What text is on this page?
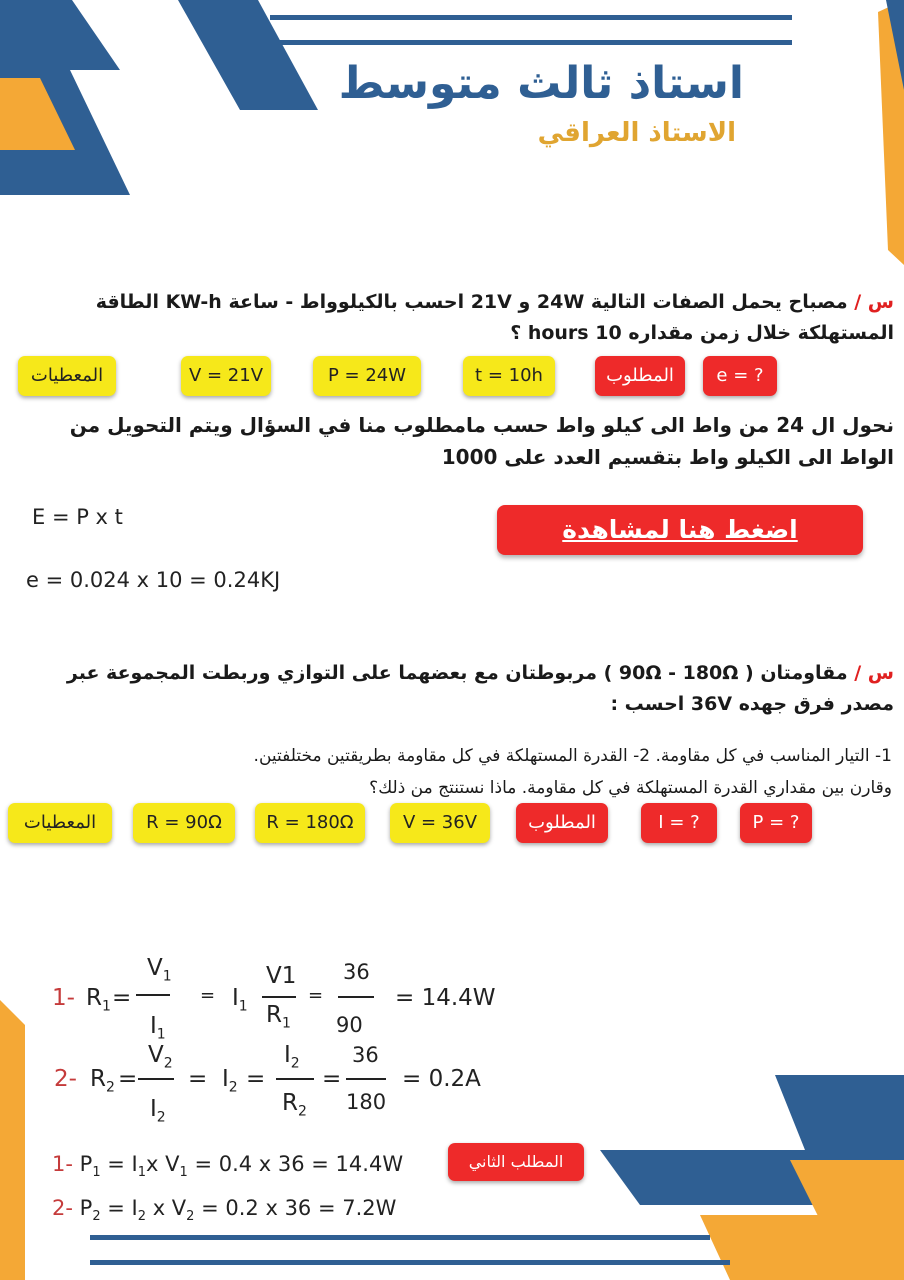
استاذ ثالث متوسط
الاستاذ العراقي
س / مصباح يحمل الصفات التالية 24W و 21V احسب بالكيلوواط - ساعة KW-h الطاقة
المستهلكة خلال زمن مقداره 10 hours ؟
المعطيات	V = 21V	P = 24W	t = 10h	المطلوب	e = ?
نحول ال 24 من واط الى كيلو واط حسب مامطلوب منا في السؤال ويتم التحويل من
الواط الى الكيلو واط بتقسيم العدد على 1000
E = P x t
e = 0.024 x 10 = 0.24KJ
اضغط هنا لمشاهدة الشروحات
س / مقاومتان ( 90Ω - 180Ω ) مربوطتان مع بعضهما على التوازي وربطت المجموعة عبر
مصدر فرق جهده 36V احسب :
1- التيار المناسب في كل مقاومة. 2- القدرة المستهلكة في كل مقاومة بطريقتين مختلفتين.
وقارن بين مقداري القدرة المستهلكة في كل مقاومة. ماذا نستنتج من ذلك؟
المعطيات	R = 90Ω	R = 180Ω	V = 36V	المطلوب	I = ?	P = ?
1- $R_1$ =
$V_1$
$I_1$
= $I_1$
V1
$R_1$
=
36
90
= 14.4W
2- $R_2$ =
$V_2$
$I_2$
= $I_2$ =
$I_2$
$R_2$
=
36
180
= 0.2A
1- $P_1 = I_1x$ $V_1 = 0.4$ x 36 = 14.4W
2- $P_2 = I_2$ x $V_2 = 0.2$ x 36 = 7.2W
المطلب الثاني
